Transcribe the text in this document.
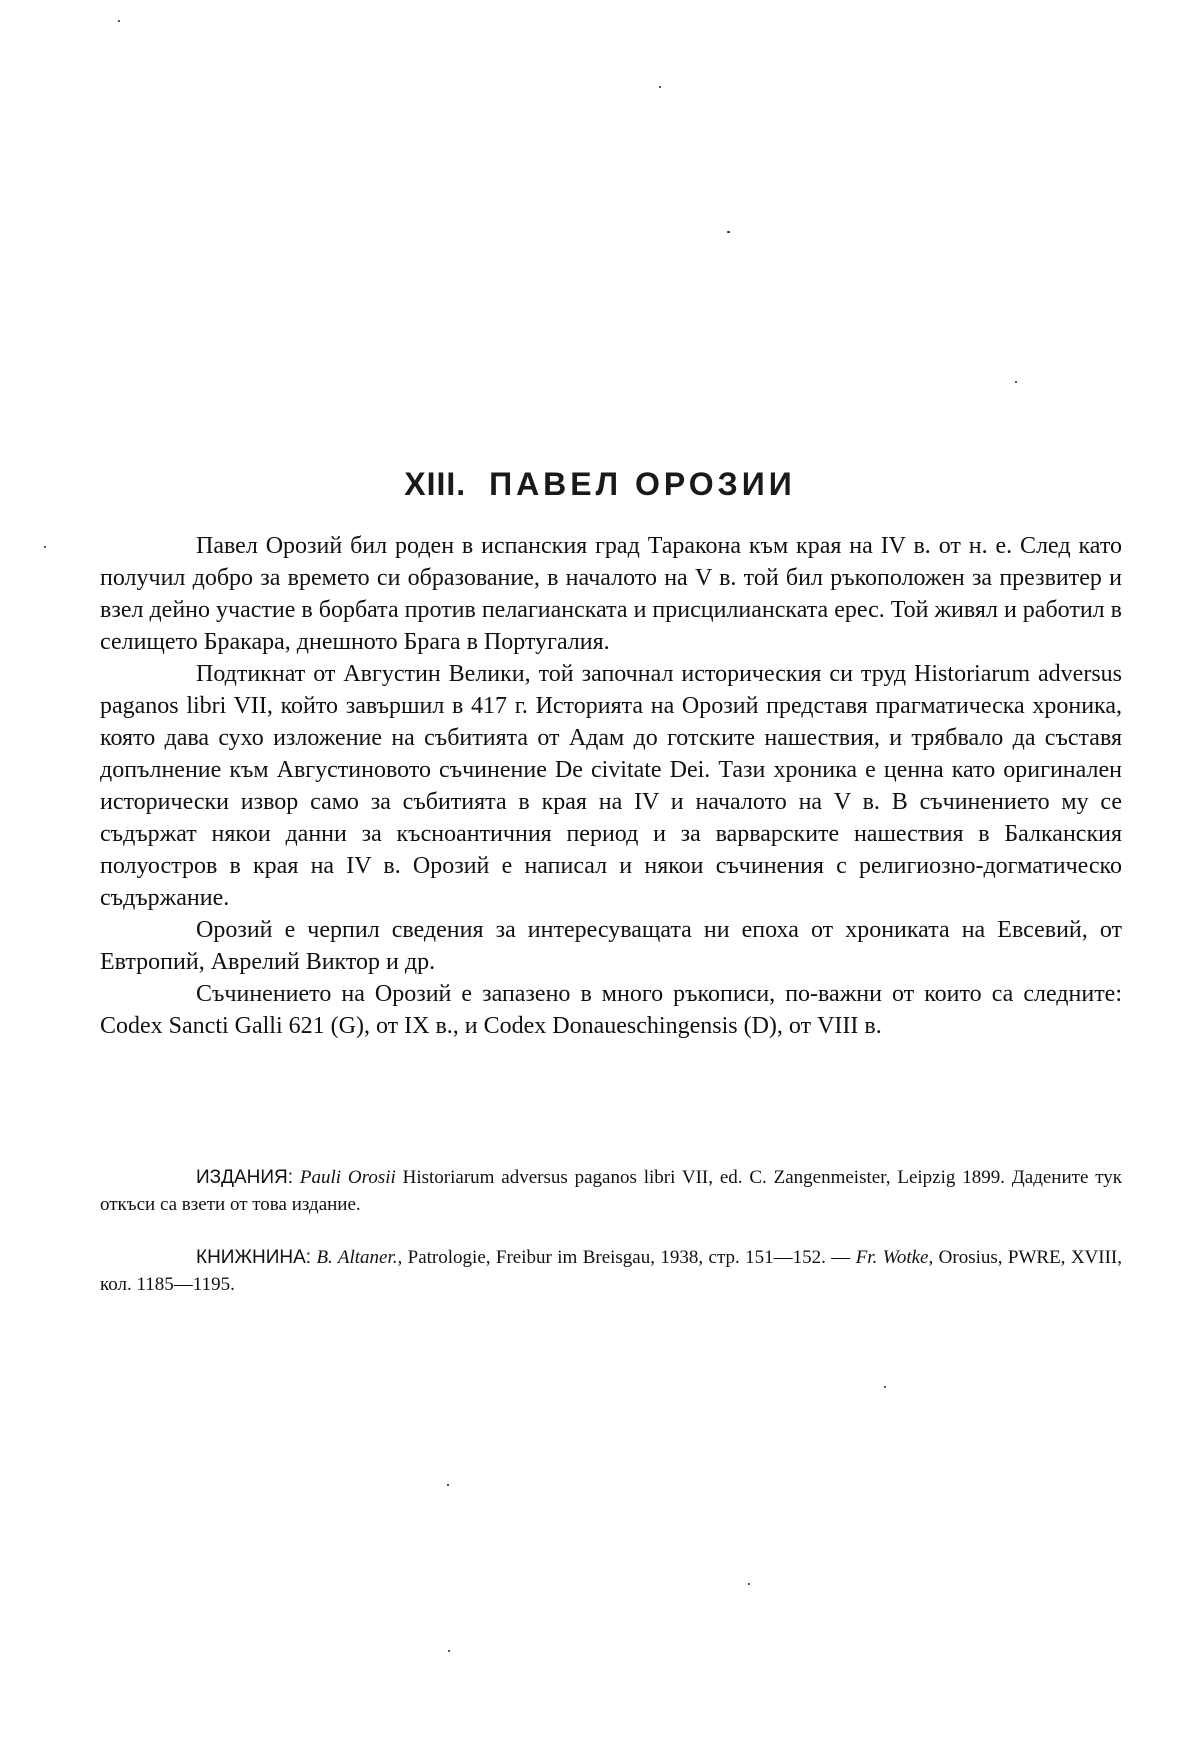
XIII. ПАВЕЛ ОРОЗИИ

Павел Орозий бил роден в испанския град Таракона към края на IV в. от н. е. След като получил добро за времето си образование, в началото на V в. той бил ръкоположен за презвитер и взел дейно участие в борбата против пелагианската и присцилианската ерес. Той живял и работил в селището Бракара, днешното Брага в Португалия.

Подтикнат от Августин Велики, той започнал историческия си труд Historiarum adversus paganos libri VII, който завършил в 417 г. Историята на Орозий представя прагматическа хроника, която дава сухо изложение на събитията от Адам до готските нашествия, и трябвало да съставя допълнение към Августиновото съчинение De civitate Dei. Тази хроника е ценна като оригинален исторически извор само за събитията в края на IV и началото на V в. В съчинението му се съдържат някои данни за късноантичния период и за варварските нашествия в Балканския полуостров в края на IV в. Орозий е написал и някои съчинения с религиозно-догматическо съдържание.

Орозий е черпил сведения за интересуващата ни епоха от хрониката на Евсевий, от Евтропий, Аврелий Виктор и др.

Съчинението на Орозий е запазено в много ръкописи, по-важни от които са следните: Codex Sancti Galli 621 (G), от IX в., и Codex Donaueschingensis (D), от VIII в.

ИЗДАНИЯ: Pauli Orosii Historiarum adversus paganos libri VII, ed. C. Zangenmeister, Leipzig 1899. Дадените тук откъси са взети от това издание.
КНИЖНИНА: B. Altaner., Patrologie, Freibur im Breisgau, 1938, стр. 151—152. — Fr. Wotke, Orosius, PWRE, XVIII, кол. 1185—1195.
